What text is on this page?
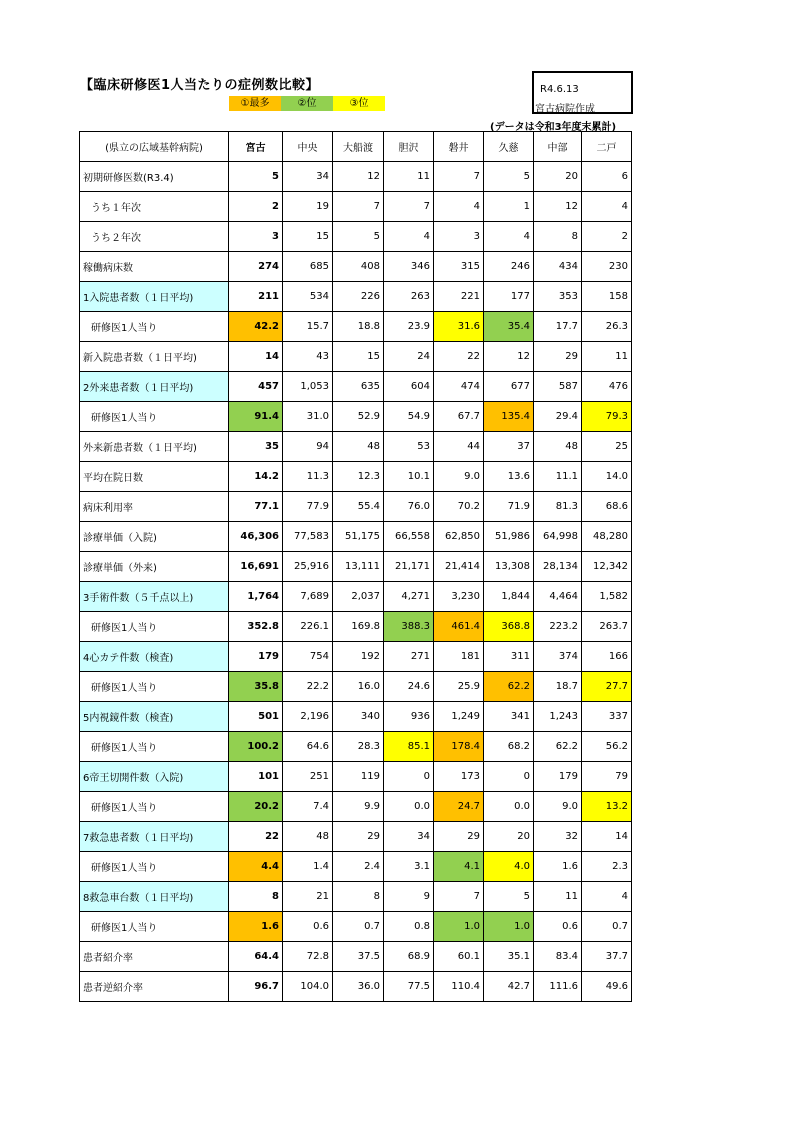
【臨床研修医1人当たりの症例数比較】
①最多	②位	③位
R4.6.13
宮古病院作成
(データは令和3年度末累計)
(県立の広域基幹病院)	宮古	中央	大船渡	胆沢	磐井	久慈	中部	二戸
初期研修医数(R3.4)	5	34	12	11	7	5	20	6
うち１年次	2	19	7	7	4	1	12	4
うち２年次	3	15	5	4	3	4	8	2
稼働病床数	274	685	408	346	315	246	434	230
1入院患者数（１日平均)	211	534	226	263	221	177	353	158
研修医1人当り	42.2	15.7	18.8	23.9	31.6	35.4	17.7	26.3
新入院患者数（１日平均)	14	43	15	24	22	12	29	11
2外来患者数（１日平均)	457	1,053	635	604	474	677	587	476
研修医1人当り	91.4	31.0	52.9	54.9	67.7	135.4	29.4	79.3
外来新患者数（１日平均)	35	94	48	53	44	37	48	25
平均在院日数	14.2	11.3	12.3	10.1	9.0	13.6	11.1	14.0
病床利用率	77.1	77.9	55.4	76.0	70.2	71.9	81.3	68.6
診療単価（入院)	46,306	77,583	51,175	66,558	62,850	51,986	64,998	48,280
診療単価（外来)	16,691	25,916	13,111	21,171	21,414	13,308	28,134	12,342
3手術件数（５千点以上)	1,764	7,689	2,037	4,271	3,230	1,844	4,464	1,582
研修医1人当り	352.8	226.1	169.8	388.3	461.4	368.8	223.2	263.7
4心カテ件数（検査)	179	754	192	271	181	311	374	166
研修医1人当り	35.8	22.2	16.0	24.6	25.9	62.2	18.7	27.7
5内視鏡件数（検査)	501	2,196	340	936	1,249	341	1,243	337
研修医1人当り	100.2	64.6	28.3	85.1	178.4	68.2	62.2	56.2
6帝王切開件数（入院)	101	251	119	0	173	0	179	79
研修医1人当り	20.2	7.4	9.9	0.0	24.7	0.0	9.0	13.2
7救急患者数（１日平均)	22	48	29	34	29	20	32	14
研修医1人当り	4.4	1.4	2.4	3.1	4.1	4.0	1.6	2.3
8救急車台数（１日平均)	8	21	8	9	7	5	11	4
研修医1人当り	1.6	0.6	0.7	0.8	1.0	1.0	0.6	0.7
患者紹介率	64.4	72.8	37.5	68.9	60.1	35.1	83.4	37.7
患者逆紹介率	96.7	104.0	36.0	77.5	110.4	42.7	111.6	49.6
